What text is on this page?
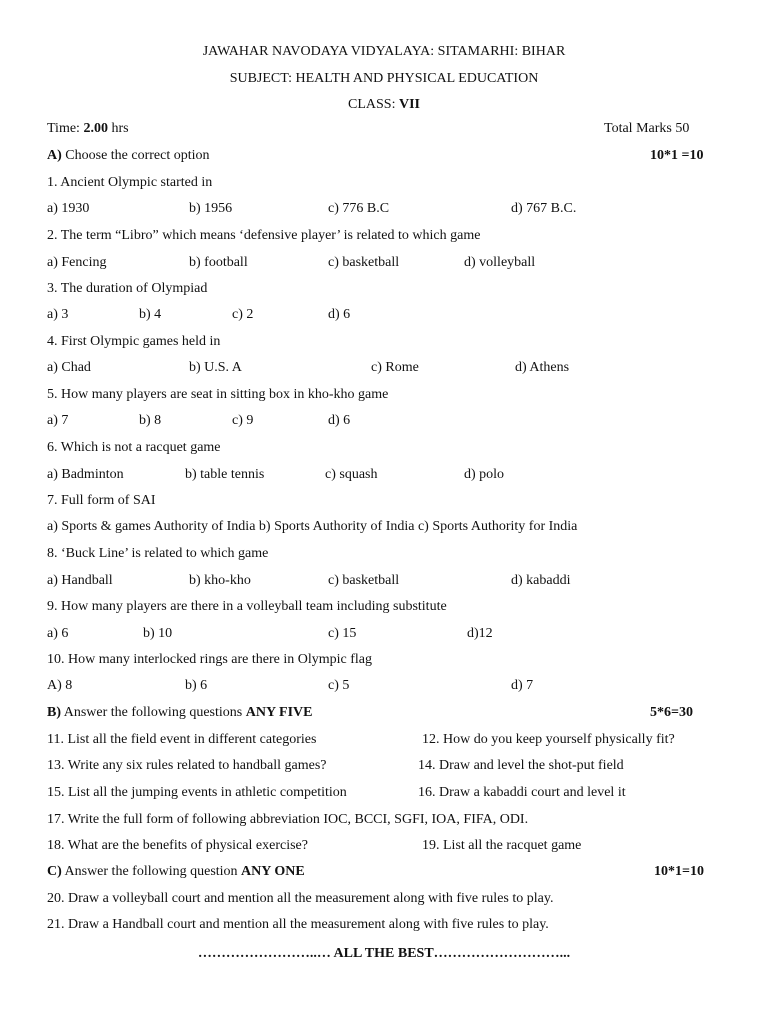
JAWAHAR NAVODAYA VIDYALAYA: SITAMARHI: BIHAR
SUBJECT: HEALTH AND PHYSICAL EDUCATION
CLASS: VII
Time: 2.00 hrs	Total Marks 50
A) Choose the correct option	10*1 =10
1. Ancient Olympic started in
a) 1930	b) 1956	c) 776 B.C	d) 767 B.C.
2. The term “Libro” which means ‘defensive player’ is related to which game
a) Fencing	b) football	c) basketball	d) volleyball
3. The duration of Olympiad
a) 3	b) 4	c) 2	d) 6
4. First Olympic games held in
a) Chad	b) U.S. A	c) Rome	d) Athens
5. How many players are seat in sitting box in kho-kho game
a) 7	b) 8	c) 9	d) 6
6. Which is not a racquet game
a) Badminton	b) table tennis	c) squash	d) polo
7. Full form of SAI
a) Sports & games Authority of India b) Sports Authority of India c) Sports Authority for India
8. ‘Buck Line’ is related to which game
a) Handball	b) kho-kho	c) basketball	d) kabaddi
9. How many players are there in a volleyball team including substitute
a) 6	b) 10	c) 15	d)12
10. How many interlocked rings are there in Olympic flag
A) 8	b) 6	c) 5	d) 7
B) Answer the following questions ANY FIVE	5*6=30
11. List all the field event in different categories	12. How do you keep yourself physically fit?
13. Write any six rules related to handball games?	14. Draw and level the shot-put field
15. List all the jumping events in athletic competition	16. Draw a kabaddi court and level it
17. Write the full form of following abbreviation IOC, BCCI, SGFI, IOA, FIFA, ODI.
18. What are the benefits of physical exercise?	19. List all the racquet game
C) Answer the following question ANY ONE	10*1=10
20. Draw a volleyball court and mention all the measurement along with five rules to play.
21. Draw a Handball court and mention all the measurement along with five rules to play.
……………………..… ALL THE BEST………………………...
